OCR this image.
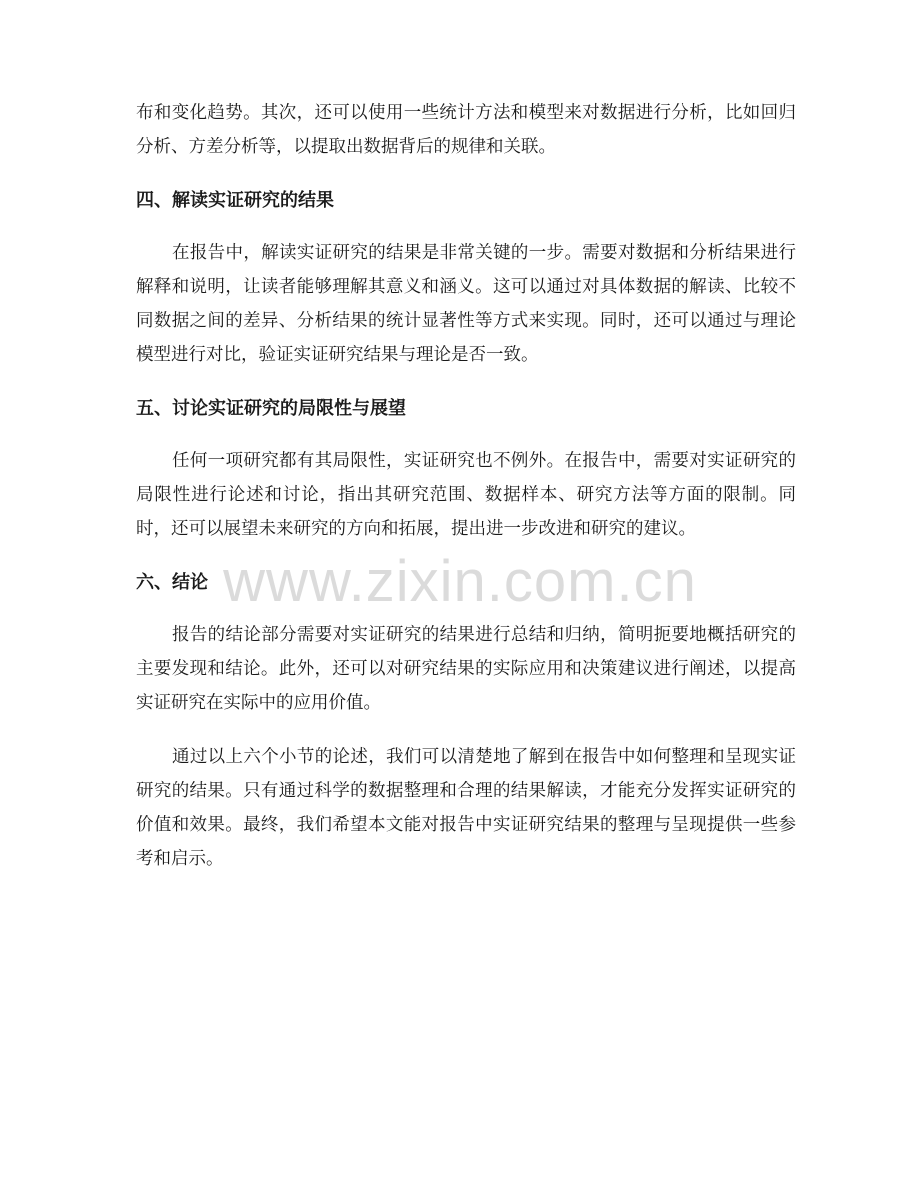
布和变化趋势。其次，还可以使用一些统计方法和模型来对数据进行分析，比如回归分析、方差分析等，以提取出数据背后的规律和关联。

四、解读实证研究的结果

在报告中，解读实证研究的结果是非常关键的一步。需要对数据和分析结果进行解释和说明，让读者能够理解其意义和涵义。这可以通过对具体数据的解读、比较不同数据之间的差异、分析结果的统计显著性等方式来实现。同时，还可以通过与理论模型进行对比，验证实证研究结果与理论是否一致。

五、讨论实证研究的局限性与展望

任何一项研究都有其局限性，实证研究也不例外。在报告中，需要对实证研究的局限性进行论述和讨论，指出其研究范围、数据样本、研究方法等方面的限制。同时，还可以展望未来研究的方向和拓展，提出进一步改进和研究的建议。

六、结论

报告的结论部分需要对实证研究的结果进行总结和归纳，简明扼要地概括研究的主要发现和结论。此外，还可以对研究结果的实际应用和决策建议进行阐述，以提高实证研究在实际中的应用价值。

通过以上六个小节的论述，我们可以清楚地了解到在报告中如何整理和呈现实证研究的结果。只有通过科学的数据整理和合理的结果解读，才能充分发挥实证研究的价值和效果。最终，我们希望本文能对报告中实证研究结果的整理与呈现提供一些参考和启示。

www.zixin.com.cn
